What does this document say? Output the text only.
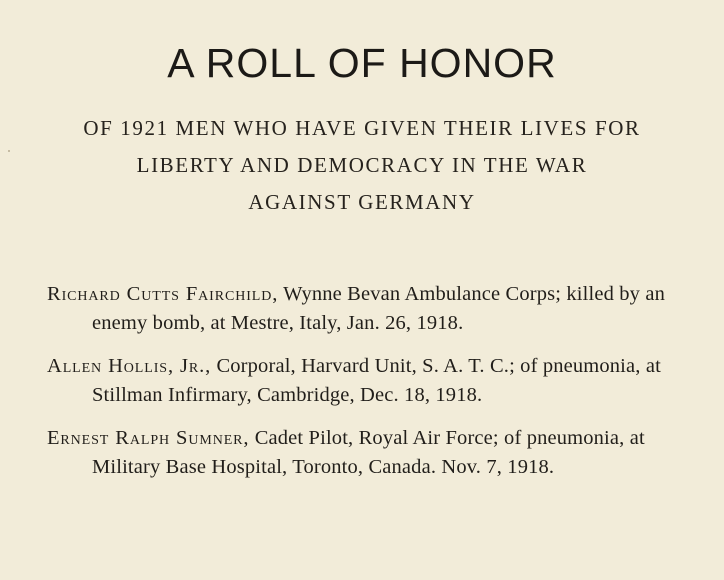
A ROLL OF HONOR
OF 1921 MEN WHO HAVE GIVEN THEIR LIVES FOR
LIBERTY AND DEMOCRACY IN THE WAR
AGAINST GERMANY
Richard Cutts Fairchild, Wynne Bevan Ambulance Corps; killed by an enemy bomb, at Mestre, Italy, Jan. 26, 1918.
Allen Hollis, Jr., Corporal, Harvard Unit, S. A. T. C.; of pneumonia, at Stillman Infirmary, Cambridge, Dec. 18, 1918.
Ernest Ralph Sumner, Cadet Pilot, Royal Air Force; of pneumonia, at Military Base Hospital, Toronto, Canada. Nov. 7, 1918.
